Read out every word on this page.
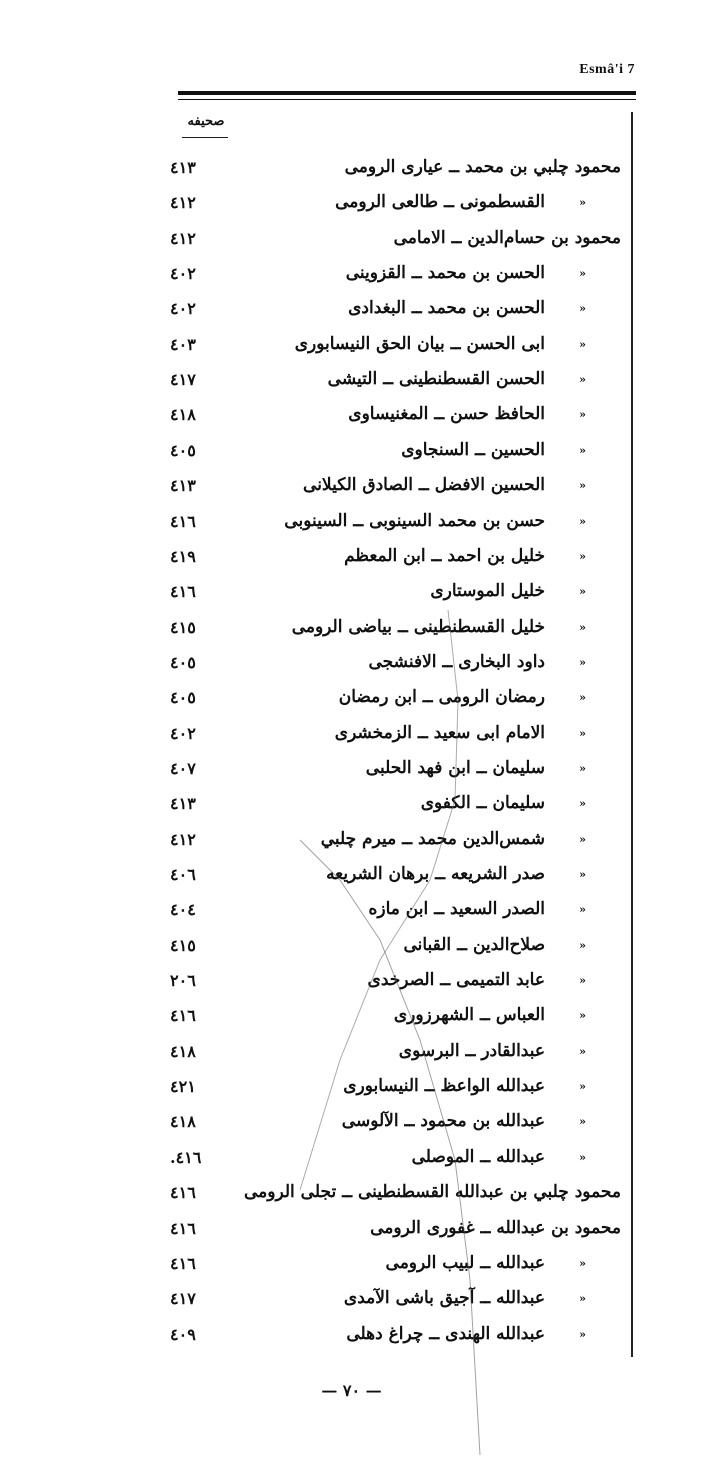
Esmâ'i 7
صحيفه
محمود چلبي بن محمد ــ عيارى الرومى
٤١٣
»
القسطمونى ــ طالعى الرومى
٤١٢
محمود بن حسام‌الدين ــ الامامى
٤١٢
»
الحسن بن محمد ــ القزوينى
٤٠٢
»
الحسن بن محمد ــ البغدادى
٤٠٢
»
ابى الحسن ــ بيان الحق النيسابورى
٤٠٣
»
الحسن القسطنطينى ــ التيشى
٤١٧
»
الحافظ حسن ــ المغنيساوى
٤١٨
»
الحسين ــ السنجاوى
٤٠٥
»
الحسين الافضل ــ الصادق الكيلانى
٤١٣
»
حسن بن محمد السينوبى ــ السينوبى
٤١٦
»
خليل بن احمد ــ ابن المعظم
٤١٩
»
خليل الموستارى
٤١٦
»
خليل القسطنطينى ــ بياضى الرومى
٤١٥
»
داود البخارى ــ الافنشجى
٤٠٥
»
رمضان الرومى ــ ابن رمضان
٤٠٥
»
الامام ابى سعيد ــ الزمخشرى
٤٠٢
»
سليمان ــ ابن فهد الحلبى
٤٠٧
»
سليمان ــ الكفوى
٤١٣
»
شمس‌الدين محمد ــ ميرم چلبي
٤١٢
»
صدر الشريعه ــ برهان الشريعه
٤٠٦
»
الصدر السعيد ــ ابن مازه
٤٠٤
»
صلاح‌الدين ــ القبانى
٤١٥
»
عابد التميمى ــ الصرخدى
٢٠٦
»
العباس ــ الشهرزورى
٤١٦
»
عبدالقادر ــ البرسوى
٤١٨
»
عبدالله الواعظ ــ النيسابورى
٤٢١
»
عبدالله بن محمود ــ الآلوسى
٤١٨
»
عبدالله ــ الموصلى
٤١٦.
محمود چلبي بن عبدالله القسطنطينى ــ تجلى الرومى
٤١٦
محمود بن عبدالله ــ غفورى الرومى
٤١٦
»
عبدالله ــ لبيب الرومى
٤١٦
»
عبدالله ــ آجيق باشى الآمدى
٤١٧
»
عبدالله الهندى ــ چراغ دهلى
٤٠٩
— ٧٠ —
